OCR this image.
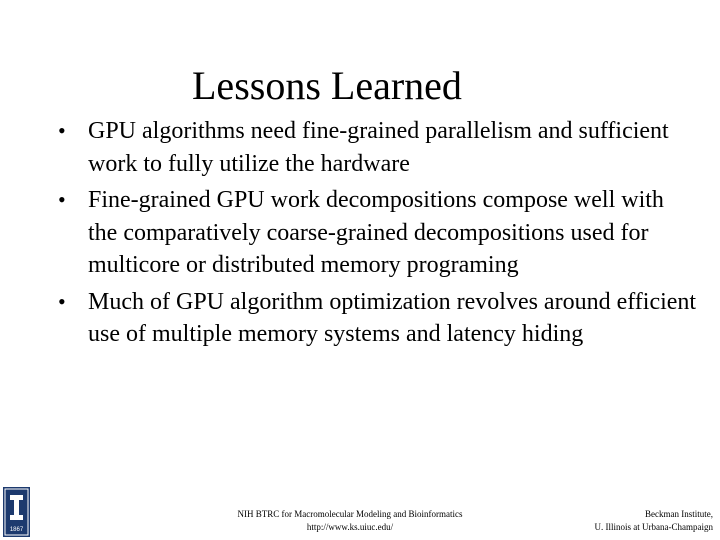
Lessons Learned
• GPU algorithms need fine-grained parallelism and sufficient work to fully utilize the hardware
• Fine-grained GPU work decompositions compose well with the comparatively coarse-grained decompositions used for multicore or distributed memory programing
• Much of GPU algorithm optimization revolves around efficient use of multiple memory systems and latency hiding
1867
NIH BTRC for Macromolecular Modeling and Bioinformatics
http://www.ks.uiuc.edu/
Beckman Institute,
U. Illinois at Urbana-Champaign
